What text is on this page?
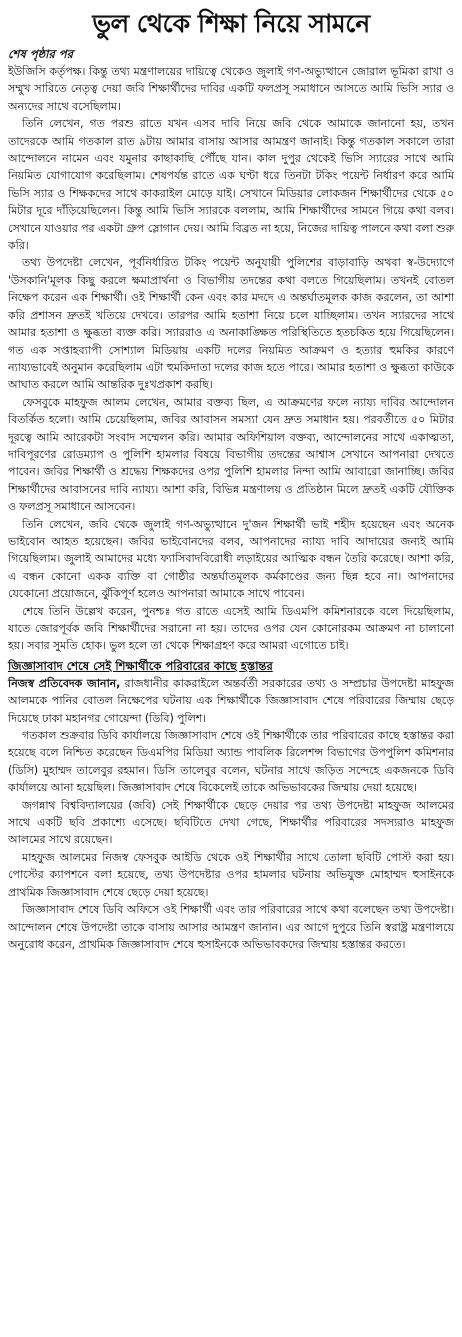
ভুল থেকে শিক্ষা নিয়ে সামনে

শেষ পৃষ্ঠার পর

ইউজিসি কর্তৃপক্ষ। কিন্তু তথ্য মন্ত্রণালয়ের দায়িত্বে থেকেও জুলাই গণ-অভ্যুত্থানে জোরাল ভূমিকা রাখা ও সম্মুখ সারিতে নেতৃত্ব দেয়া জবি শিক্ষার্থীদের দাবির একটি ফলপ্রসূ সমাধানে আসতে আমি ভিসি স্যার ও অন্যদের সাথে বসেছিলাম।

তিনি লেখেন, গত পরশু রাতে যখন এসব দাবি নিয়ে জবি থেকে আমাকে জানানো হয়, তখন তাদেরকে আমি গতকাল রাত ৯টায় আমার বাসায় আসার আমন্ত্রণ জানাই। কিন্তু গতকাল সকালে তারা আন্দোলনে নামেন এবং যমুনার কাছাকাছি পৌঁছে যান। কাল দুপুর থেকেই ভিসি স্যারের সাথে আমি নিয়মিত যোগাযোগ করেছিলাম। শেষপর্যন্ত রাতে এক ঘণ্টা ধরে তিনটা টকিং পয়েন্ট নির্ধারণ করে আমি ভিসি স্যার ও শিক্ষকদের সাথে কাকরাইল মোড়ে যাই। সেখানে মিডিয়ার লোকজন শিক্ষার্থীদের থেকে ৫০ মিটার দূরে দাঁড়িয়েছিলেন। কিন্তু আমি ভিসি স্যারকে বললাম, আমি শিক্ষার্থীদের সামনে গিয়ে কথা বলব। সেখানে যাওয়ার পর একটা গ্রুপ স্লোগান দেয়। আমি বিব্রত না হয়ে, নিজের দায়িত্ব পালনে কথা বলা শুরু করি।

তথ্য উপদেষ্টা লেখেন, পূর্বনির্ধারিত টকিং পয়েন্ট অনুযায়ী পুলিশের বাড়াবাড়ি অথবা স্ব-উদ্যোগে 'উসকানি'মূলক কিছু করলে ক্ষমাপ্রার্থনা ও বিভাগীয় তদন্তের কথা বলতে গিয়েছিলাম। তখনই বোতল নিক্ষেপ করেন এক শিক্ষার্থী। ওই শিক্ষার্থী কেন এবং কার মদদে এ অন্তর্ঘাতমূলক কাজ করলেন, তা আশা করি প্রশাসন দ্রুতই খতিয়ে দেখবে। তারপর আমি হতাশা নিয়ে চলে যাচ্ছিলাম। তখন স্যারদের সাথে আমার হতাশা ও ক্ষুব্ধতা ব্যক্ত করি। স্যাররাও এ অনাকাঙ্ক্ষিত পরিস্থিতিতে হতচকিত হয়ে গিয়েছিলেন। গত এক সপ্তাহব্যাপী সোশ্যাল মিডিয়ায় একটি দলের নিয়মিত আক্রমণ ও হত্যার হুমকির কারণে ন্যায্যভাবেই অনুমান করেছিলাম এটা হুমকিদাতা দলের কাজ হতে পারে। আমার হতাশা ও ক্ষুব্ধতা কাউকে আঘাত করলে আমি আন্তরিক দুঃখপ্রকাশ করছি।

ফেসবুকে মাহফুজ আলম লেখেন, আমার বক্তব্য ছিল, এ আক্রমণের ফলে ন্যায্য দাবির আন্দোলন বিতর্কিত হলো। আমি চেয়েছিলাম, জবির আবাসন সমস্যা যেন দ্রুত সমাধান হয়। পরবর্তীতে ৫০ মিটার দূরত্বে আমি আরেকটা সংবাদ সম্মেলন করি। আমার অফিশিয়াল বক্তব্য, আন্দোলনের সাথে একাত্মতা, দাবিপূরণের রোডম্যাপ ও পুলিশি হামলার বিষয়ে বিভাগীয় তদন্তের আশ্বাস সেখানে আপনারা দেখতে পাবেন। জবির শিক্ষার্থী ও শ্রদ্ধেয় শিক্ষকদের ওপর পুলিশি হামলার নিন্দা আমি আবারো জানাচ্ছি। জবির শিক্ষার্থীদের আবাসনের দাবি ন্যায্য। আশা করি, বিভিন্ন মন্ত্রণালয় ও প্রতিষ্ঠান মিলে দ্রুতই একটি যৌক্তিক ও ফলপ্রসূ সমাধানে আসবেন।

তিনি লেখেন, জবি থেকে জুলাই গণ-অভ্যুত্থানে দু'জন শিক্ষার্থী ভাই শহীদ হয়েছেন এবং অনেক ভাইবোন আহত হয়েছেন। জবির ভাইবোনদের বলব, আপনাদের ন্যায্য দাবি আদায়ের জন্যই আমি গিয়েছিলাম। জুলাই আমাদের মধ্যে ফ্যাসিবাদবিরোধী লড়াইয়ের আত্মিক বন্ধন তৈরি করেছে। আশা করি, এ বন্ধন কোনো একক ব্যক্তি বা গোষ্ঠীর অন্তর্ঘাতমূলক কর্মকাণ্ডের জন্য ছিন্ন হবে না। আপনাদের যেকোনো প্রয়োজনে, ঝুঁকিপূর্ণ হলেও আপনারা আমাকে সাথে পাবেন।

শেষে তিনি উল্লেখ করেন, পুনশ্চঃ গত রাতে এসেই আমি ডিএমপি কমিশনারকে বলে দিয়েছিলাম, যাতে জোরপূর্বক জবি শিক্ষার্থীদের সরানো না হয়। তাদের ওপর যেন কোনোরকম আক্রমণ না চালানো হয়। সবার সুমতি হোক। ভুল হলে তা থেকে শিক্ষাগ্রহণ করে আমরা এগোতে চাই।

জিজ্ঞাসাবাদ শেষে সেই শিক্ষার্থীকে পরিবারের কাছে হস্তান্তর

নিজস্ব প্রতিবেদক জানান, রাজধানীর কাকরাইলে অন্তর্বর্তী সরকারের তথ্য ও সম্প্রচার উপদেষ্টা মাহফুজ আলমকে পানির বোতল নিক্ষেপের ঘটনায় এক শিক্ষার্থীকে জিজ্ঞাসাবাদ শেষে পরিবারের জিম্মায় ছেড়ে দিয়েছে ঢাকা মহানগর গোয়েন্দা (ডিবি) পুলিশ।

গতকাল শুক্রবার ডিবি কার্যালয়ে জিজ্ঞাসাবাদ শেষে ওই শিক্ষার্থীকে তার পরিবারের কাছে হস্তান্তর করা হয়েছে বলে নিশ্চিত করেছেন ডিএমপির মিডিয়া অ্যান্ড পাবলিক রিলেশন্স বিভাগের উপপুলিশ কমিশনার (ডিসি) মুহাম্মদ তালেবুর রহমান। ডিসি তালেবুর বলেন, ঘটনার সাথে জড়িত সন্দেহে একজনকে ডিবি কার্যালয়ে আনা হয়েছিল। জিজ্ঞাসাবাদ শেষে বিকেলেই তাকে অভিভাবকের জিম্মায় দেয়া হয়েছে।

জগন্নাথ বিশ্ববিদ্যালয়ের (জবি) সেই শিক্ষার্থীকে ছেড়ে দেয়ার পর তথ্য উপদেষ্টা মাহফুজ আলমের সাথে একটি ছবি প্রকাশ্যে এসেছে। ছবিটিতে দেখা গেছে, শিক্ষার্থীর পরিবারের সদস্যরাও মাহফুজ আলমের সাথে রয়েছেন।

মাহফুজ আলমের নিজস্ব ফেসবুক আইডি থেকে ওই শিক্ষার্থীর সাথে তোলা ছবিটি পোস্ট করা হয়। পোস্টের ক্যাপশনে বলা হয়েছে, তথ্য উপদেষ্টার ওপর হামলার ঘটনায় অভিযুক্ত মোহাম্মদ হুসাইনকে প্রাথমিক জিজ্ঞাসাবাদ শেষে ছেড়ে দেয়া হয়েছে।

জিজ্ঞাসাবাদ শেষে ডিবি অফিসে ওই শিক্ষার্থী এবং তার পরিবারের সাথে কথা বলেছেন তথ্য উপদেষ্টা। আন্দোলন শেষে উপদেষ্টা তাকে বাসায় আসার আমন্ত্রণ জানান। এর আগে দুপুরে তিনি স্বরাষ্ট্র মন্ত্রণালয়ে অনুরোধ করেন, প্রাথমিক জিজ্ঞাসাবাদ শেষে হুসাইনকে অভিভাবকদের জিম্মায় হস্তান্তর করতে।
